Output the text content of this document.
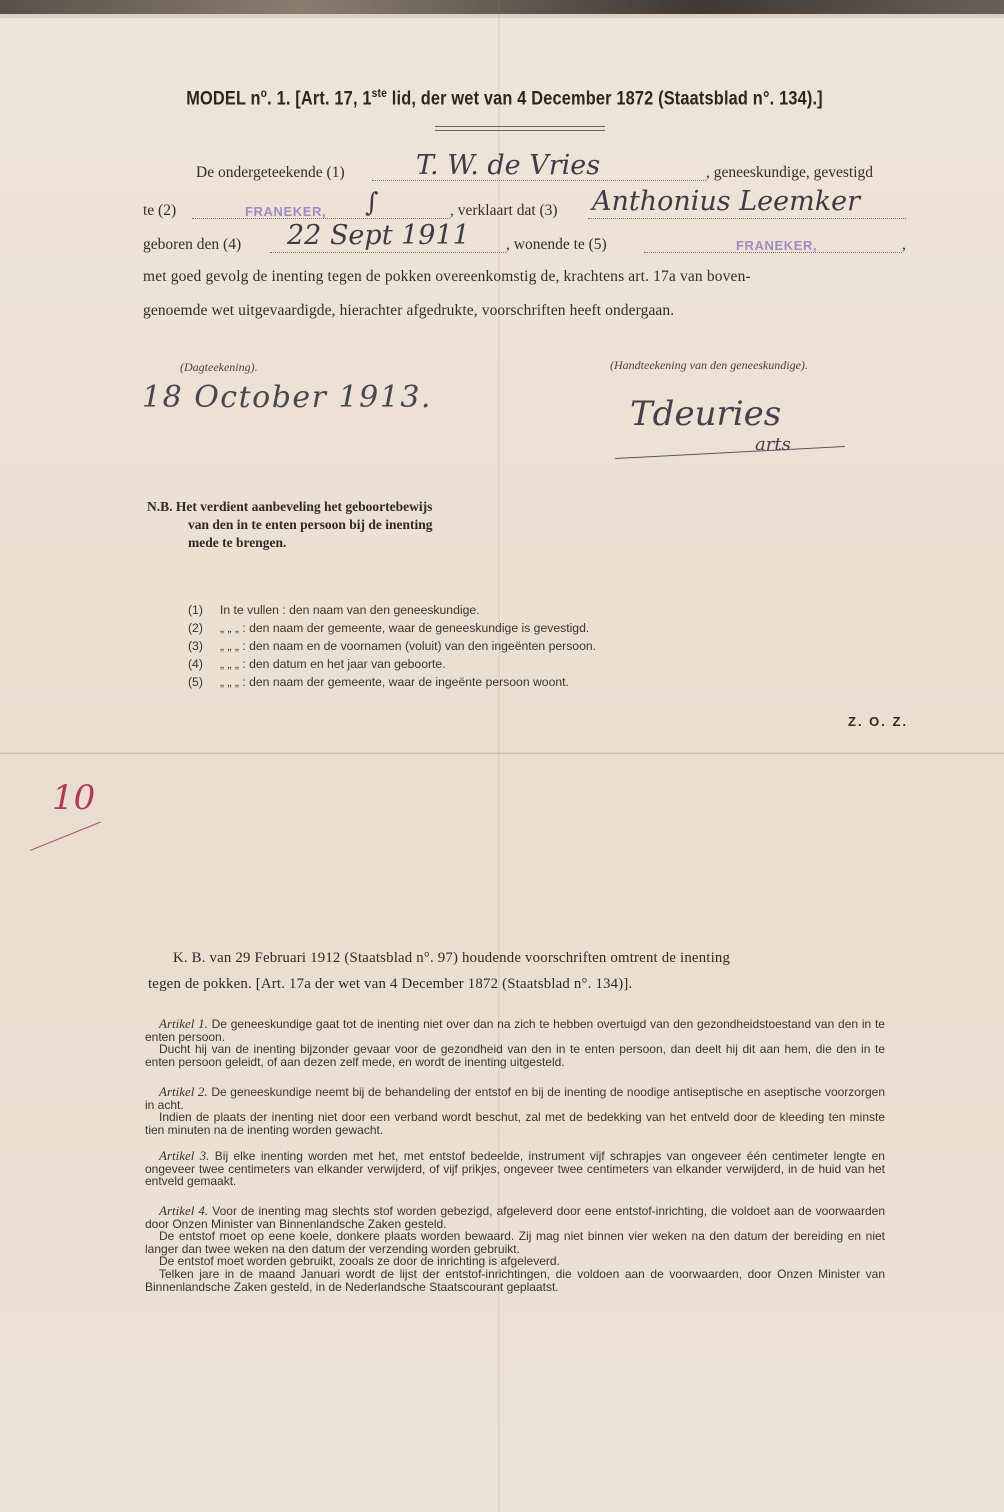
MODEL $n^o$. 1. [Art. 17, 1ste lid, der wet van 4 December 1872 (Staatsblad n°. 134).]
De ondergeteekende (1)	T. W. de Vries	, geneeskundige, gevestigd
te (2)	FRANEKER, ∫	, verklaart dat (3) Anthonius Leemker
geboren den (4) 22 Sept 1911 , wonende te (5)	FRANEKER,	,
met goed gevolg de inenting tegen de pokken overeenkomstig de, krachtens art. 17a van boven-
genoemde wet uitgevaardigde, hierachter afgedrukte, voorschriften heeft ondergaan.
(Dagteekening).	(Handteekening van den geneeskundige).
18 October 1913.	Tdeuries
arts
N.B. Het verdient aanbeveling het geboortebewijs
van den in te enten persoon bij de inenting
mede te brengen.
(1) In te vullen : den naam van den geneeskundige.
(2) „ „ „ : den naam der gemeente, waar de geneeskundige is gevestigd.
(3) „ „ „ : den naam en de voornamen (voluit) van den ingeënten persoon.
(4) „ „ „ : den datum en het jaar van geboorte.
(5) „ „ „ : den naam der gemeente, waar de ingeënte persoon woont.
Z. O. Z.
10
K. B. van 29 Februari 1912 (Staatsblad n°. 97) houdende voorschriften omtrent de inenting
tegen de pokken. [Art. 17a der wet van 4 December 1872 (Staatsblad n°. 134)].

Artikel 1. De geneeskundige gaat tot de inenting niet over dan na zich te hebben overtuigd van den gezondheidstoestand van den in te enten persoon.

Ducht hij van de inenting bijzonder gevaar voor de gezondheid van den in te enten persoon, dan deelt hij dit aan hem, die den in te enten persoon geleidt, of aan dezen zelf mede, en wordt de inenting uitgesteld.

Artikel 2. De geneeskundige neemt bij de behandeling der entstof en bij de inenting de noodige antiseptische en aseptische voorzorgen in acht.

Indien de plaats der inenting niet door een verband wordt beschut, zal met de bedekking van het entveld door de kleeding ten minste tien minuten na de inenting worden gewacht.

Artikel 3. Bij elke inenting worden met het, met entstof bedeelde, instrument vijf schrapjes van ongeveer één centimeter lengte en ongeveer twee centimeters van elkander verwijderd, of vijf prikjes, ongeveer twee centimeters van elkander verwijderd, in de huid van het entveld gemaakt.

Artikel 4. Voor de inenting mag slechts stof worden gebezigd, afgeleverd door eene entstof-inrichting, die voldoet aan de voorwaarden door Onzen Minister van Binnenlandsche Zaken gesteld.

De entstof moet op eene koele, donkere plaats worden bewaard. Zij mag niet binnen vier weken na den datum der bereiding en niet langer dan twee weken na den datum der verzending worden gebruikt.

De entstof moet worden gebruikt, zooals ze door de inrichting is afgeleverd.

Telken jare in de maand Januari wordt de lijst der entstof-inrichtingen, die voldoen aan de voorwaarden, door Onzen Minister van Binnenlandsche Zaken gesteld, in de Nederlandsche Staatscourant geplaatst.
